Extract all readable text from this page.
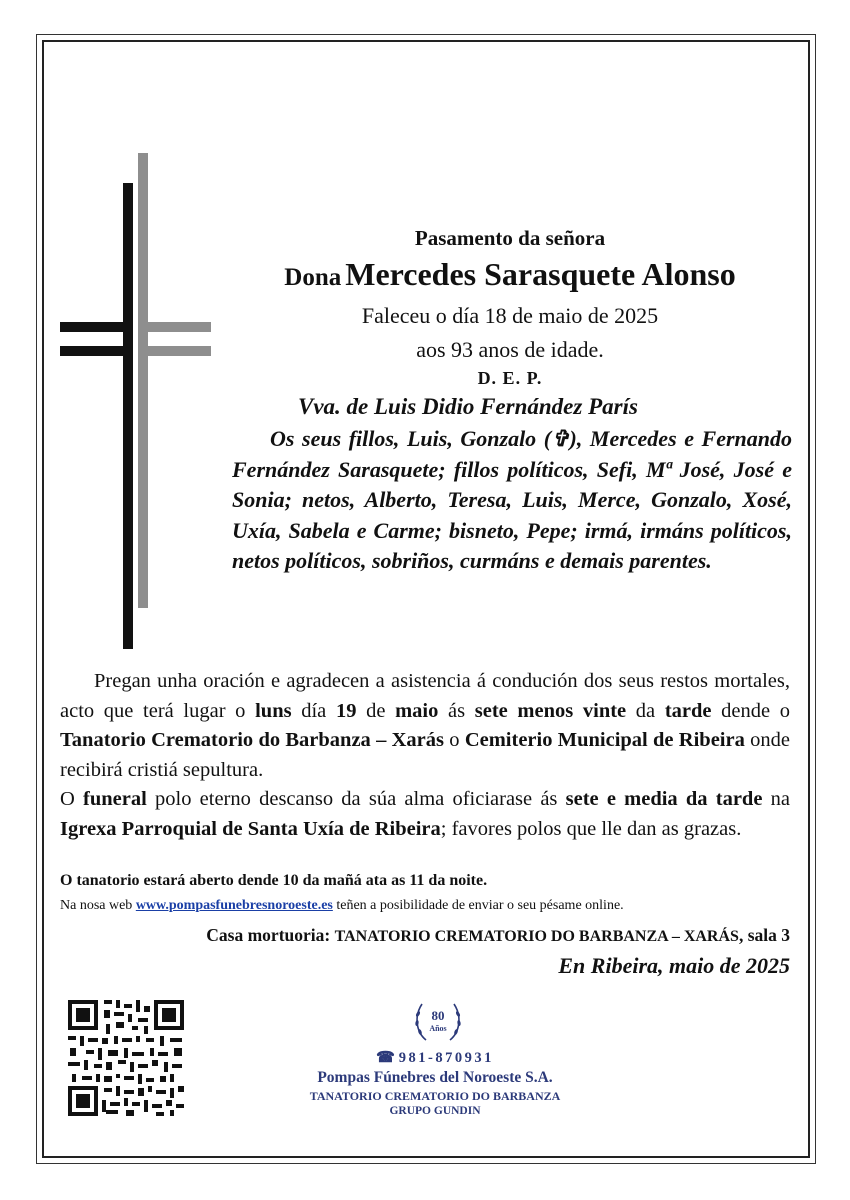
Pasamento da señora
Dona Mercedes Sarasquete Alonso
Faleceu o día 18 de maio de 2025
aos 93 anos de idade.
D. E. P.
Vva. de Luis Didio Fernández París
Os seus fillos, Luis, Gonzalo (✞), Mercedes e Fernando Fernández Sarasquete; fillos políticos, Sefi, Mª José, José e Sonia; netos, Alberto, Teresa, Luis, Merce, Gonzalo, Xosé, Uxía, Sabela e Carme; bisneto, Pepe; irmá, irmáns políticos, netos políticos, sobriños, curmáns e demais parentes.
Pregan unha oración e agradecen a asistencia á condución dos seus restos mortales, acto que terá lugar o luns día 19 de maio ás sete menos vinte da tarde dende o Tanatorio Crematorio do Barbanza – Xarás o Cemiterio Municipal de Ribeira onde recibirá cristiá sepultura.
O funeral polo eterno descanso da súa alma oficiarase ás sete e media da tarde na Igrexa Parroquial de Santa Uxía de Ribeira; favores polos que lle dan as grazas.
O tanatorio estará aberto dende 10 da mañá ata as 11 da noite.
Na nosa web www.pompasfunebresnoroeste.es teñen a posibilidade de enviar o seu pésame online.
Casa mortuoria: TANATORIO CREMATORIO DO BARBANZA – XARÁS, sala 3
En Ribeira, maio de 2025
80
Años
☎ 981-870931
Pompas Fúnebres del Noroeste S.A.
TANATORIO CREMATORIO DO BARBANZA
GRUPO GUNDIN
